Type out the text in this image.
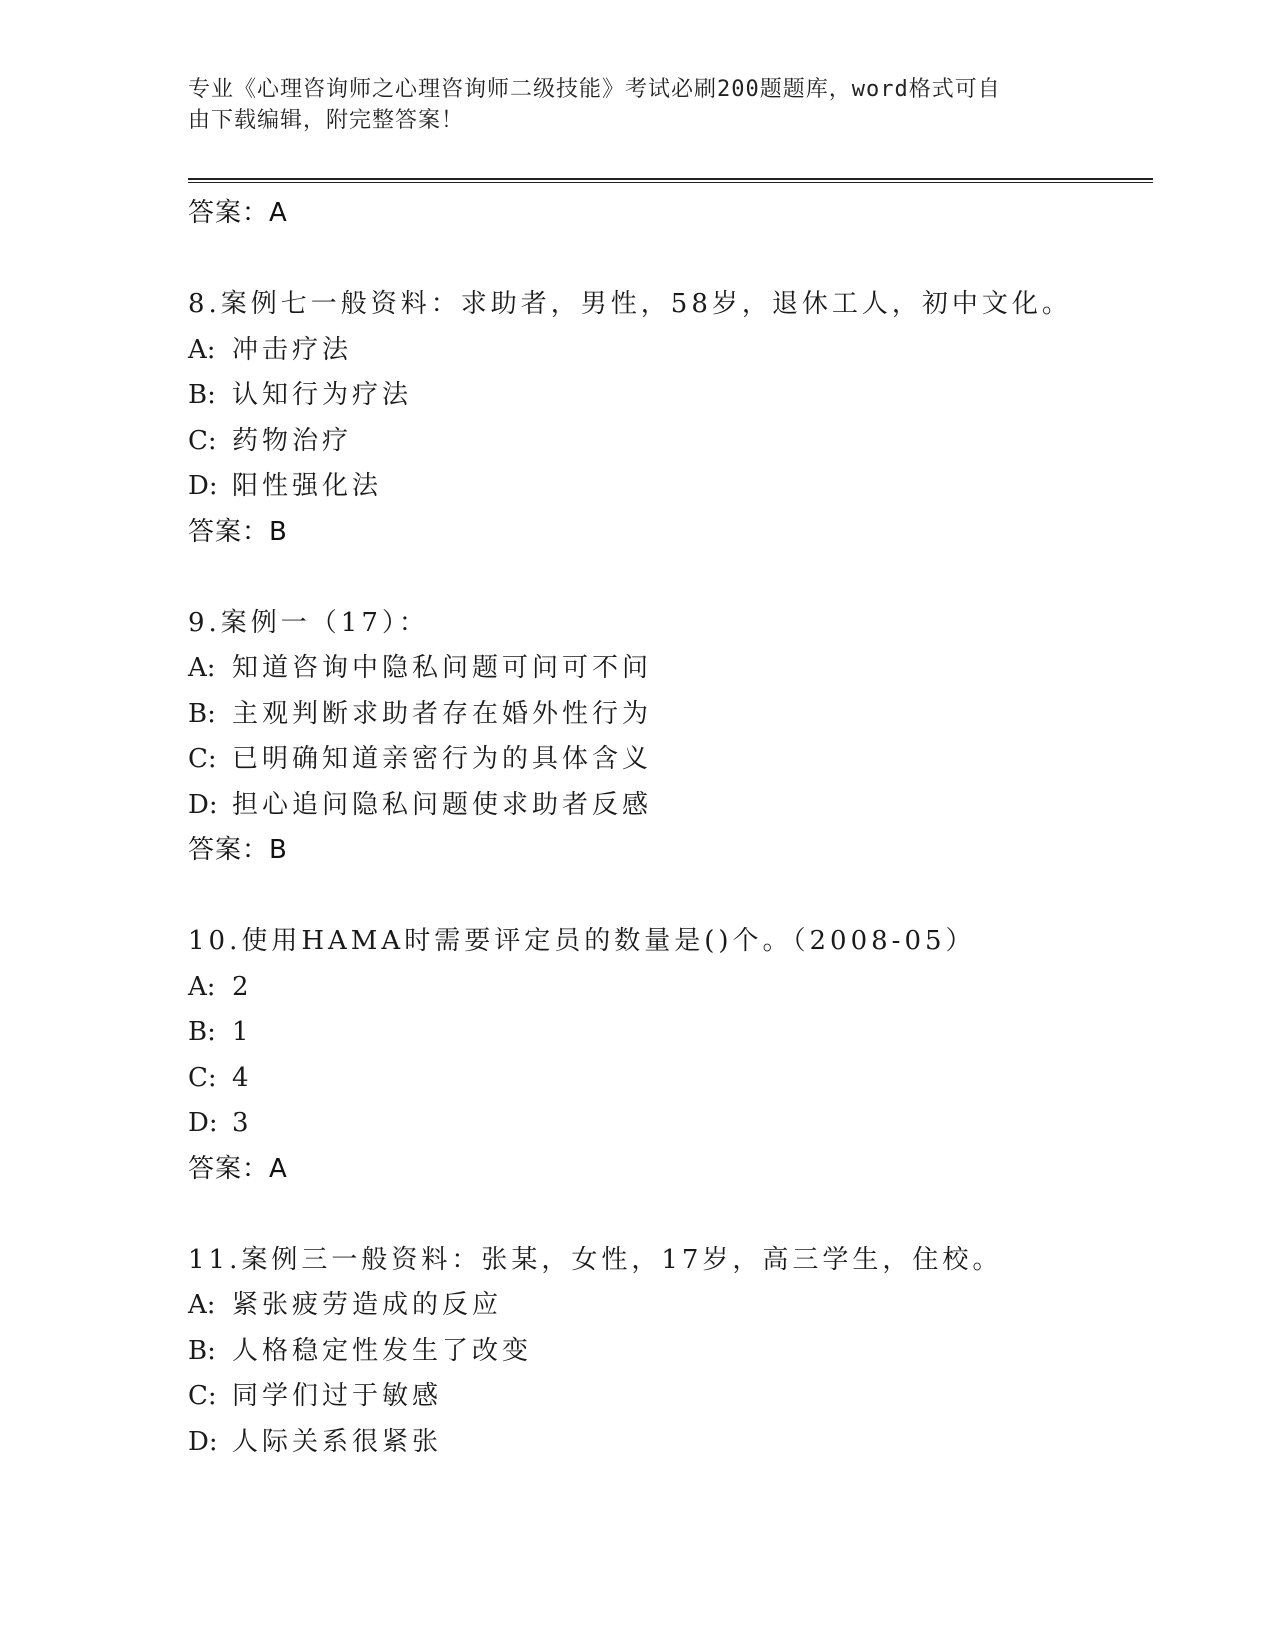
专业《心理咨询师之心理咨询师二级技能》考试必刷200题题库，word格式可自
由下载编辑，附完整答案！
答案：A
8.案例七一般资料：求助者，男性，58岁，退休工人，初中文化。
A: 冲击疗法
B: 认知行为疗法
C: 药物治疗
D: 阳性强化法
答案：B
9.案例一（17）：
A: 知道咨询中隐私问题可问可不问
B: 主观判断求助者存在婚外性行为
C: 已明确知道亲密行为的具体含义
D: 担心追问隐私问题使求助者反感
答案：B
10.使用HAMA时需要评定员的数量是()个。（2008-05）
A: 2
B: 1
C: 4
D: 3
答案：A
11.案例三一般资料：张某，女性，17岁，高三学生，住校。
A: 紧张疲劳造成的反应
B: 人格稳定性发生了改变
C: 同学们过于敏感
D: 人际关系很紧张
